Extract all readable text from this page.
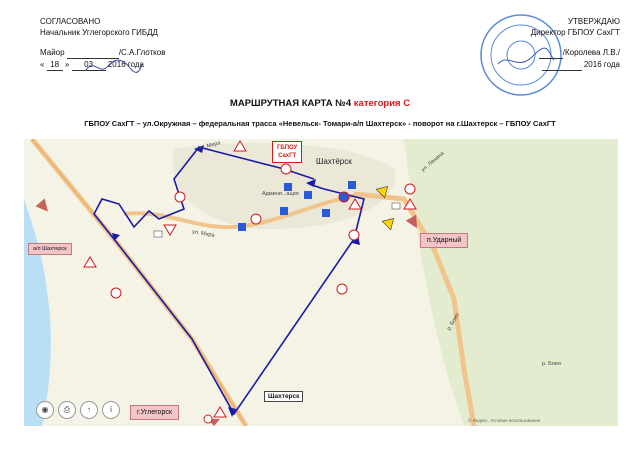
СОГЛАСОВАНО
Начальник Углегорского ГИБДД
Майор	/С.А.Глотков
« 18 » 03 2016 года
УТВЕРЖДАЮ
Директор ГБПОУ СахГТ
/Королева Л.В./
2016 года
МАРШРУТНАЯ КАРТА №4 категория С
ГБПОУ СахГТ – ул.Окружная – федеральная трасса «Невельск- Томари-а/п Шахтерск» - поворот на г.Шахтерск – ГБПОУ СахГТ
ГБПОУ
СахГТ
Шахтёрск
Админи...ация
ул. Мира
ул. Мира
ул. Ленина
р. Боео
р. Боео
а/п Шахтерск
п.Ударный
г.Углегорск
Шахтерск
◉	⎙	↑	i
© Яндекс, Условия использования
